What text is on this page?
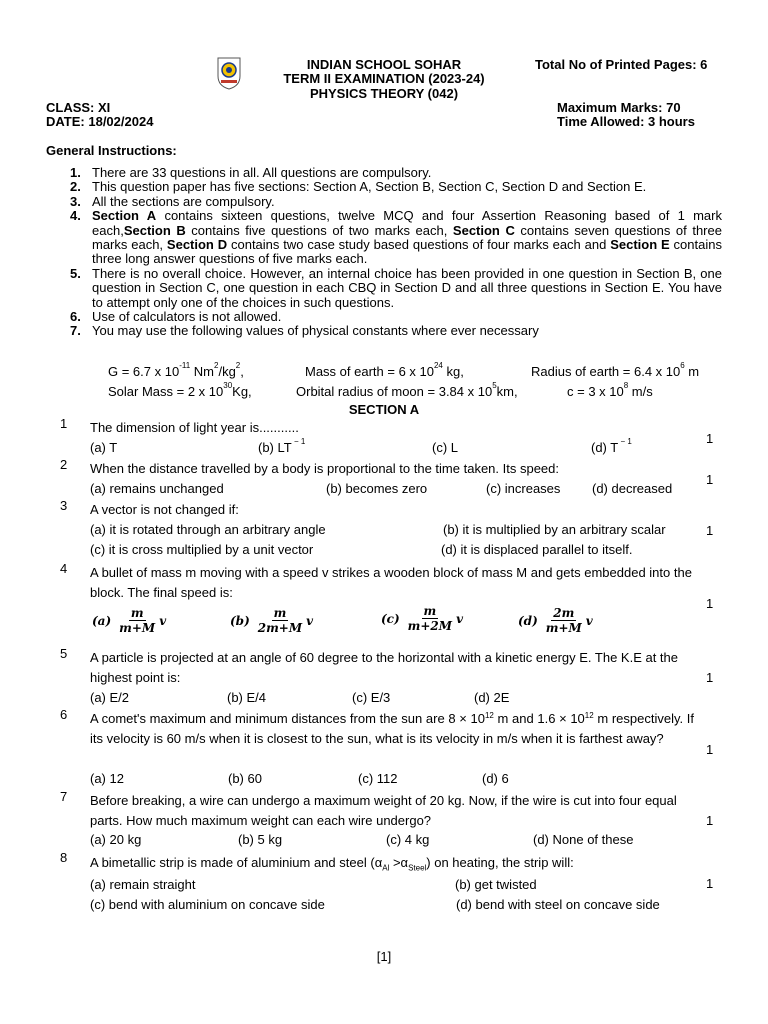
INDIAN SCHOOL SOHAR
TERM II EXAMINATION (2023-24)
PHYSICS THEORY (042)
Total No of Printed Pages: 6
CLASS: XI
DATE: 18/02/2024
Maximum Marks: 70
Time Allowed: 3 hours
General Instructions:
1. There are 33 questions in all. All questions are compulsory.
2. This question paper has five sections: Section A, Section B, Section C, Section D and Section E.
3. All the sections are compulsory.
4. Section A contains sixteen questions, twelve MCQ and four Assertion Reasoning based of 1 mark each,Section B contains five questions of two marks each, Section C contains seven questions of three marks each, Section D contains two case study based questions of four marks each and Section E contains three long answer questions of five marks each.
5. There is no overall choice. However, an internal choice has been provided in one question in Section B, one question in Section C, one question in each CBQ in Section D and all three questions in Section E. You have to attempt only one of the choices in such questions.
6. Use of calculators is not allowed.
7. You may use the following values of physical constants where ever necessary
G = 6.7 x $10^{-11}$ $Nm^2/kg^2$,	Mass of earth = 6 x $10^{24}$ kg,	Radius of earth = 6.4 x $10^6$ m
Solar Mass = 2 x $10^{30}Kg$,	Orbital radius of moon = 3.84 x $10^5km$,	c = 3 x $10^8$ m/s
SECTION A
1 The dimension of light year is...........
1
(a) T	(b) LT $^{- 1}$	(c) L	(d) T $^{- 1}$
2 When the distance travelled by a body is proportional to the time taken. Its speed:
1
(a) remains unchanged	(b) becomes zero	(c) increases (d) decreased
3 A vector is not changed if:
1
(a) it is rotated through an arbitrary angle	(b) it is multiplied by an arbitrary scalar
(c) it is cross multiplied by a unit vector	(d) it is displaced parallel to itself.
4 A bullet of mass m moving with a speed v strikes a wooden block of mass M and gets embedded into the block. The final speed is:
1
$(a) \frac{m}{m+M}$ v	$(b) \frac{m}{2m+M}$ v	$(c) \frac{m}{m+2M}$ v	$(d) \frac{2m}{m+M}$ v
5 A particle is projected at an angle of 60 degree to the horizontal with a kinetic energy E. The K.E at the highest point is:	1
(a) E/2	(b) E/4	(c) E/3	(d) 2E
6 A comet's maximum and minimum distances from the sun are $8 \times 10^{12}$ m and $1.6 \times 10^{12}$ m respectively. If its velocity is 60 m/s when it is closest to the sun, what is its velocity in m/s when it is farthest away?
1
(a) 12	(b) 60	(c) 112	(d) 6
7 Before breaking, a wire can undergo a maximum weight of 20 kg. Now, if the wire is cut into four equal parts. How much maximum weight can each wire undergo?	1
(a) 20 kg	(b) 5 kg	(c) 4 kg	(d) None of these
8 A bimetallic strip is made of aluminium and steel $(\alpha_{Al} >\alpha_{Steel})$ on heating, the strip will:
1
(a) remain straight	(b) get twisted
(c) bend with aluminium on concave side	(d) bend with steel on concave side
[1]
